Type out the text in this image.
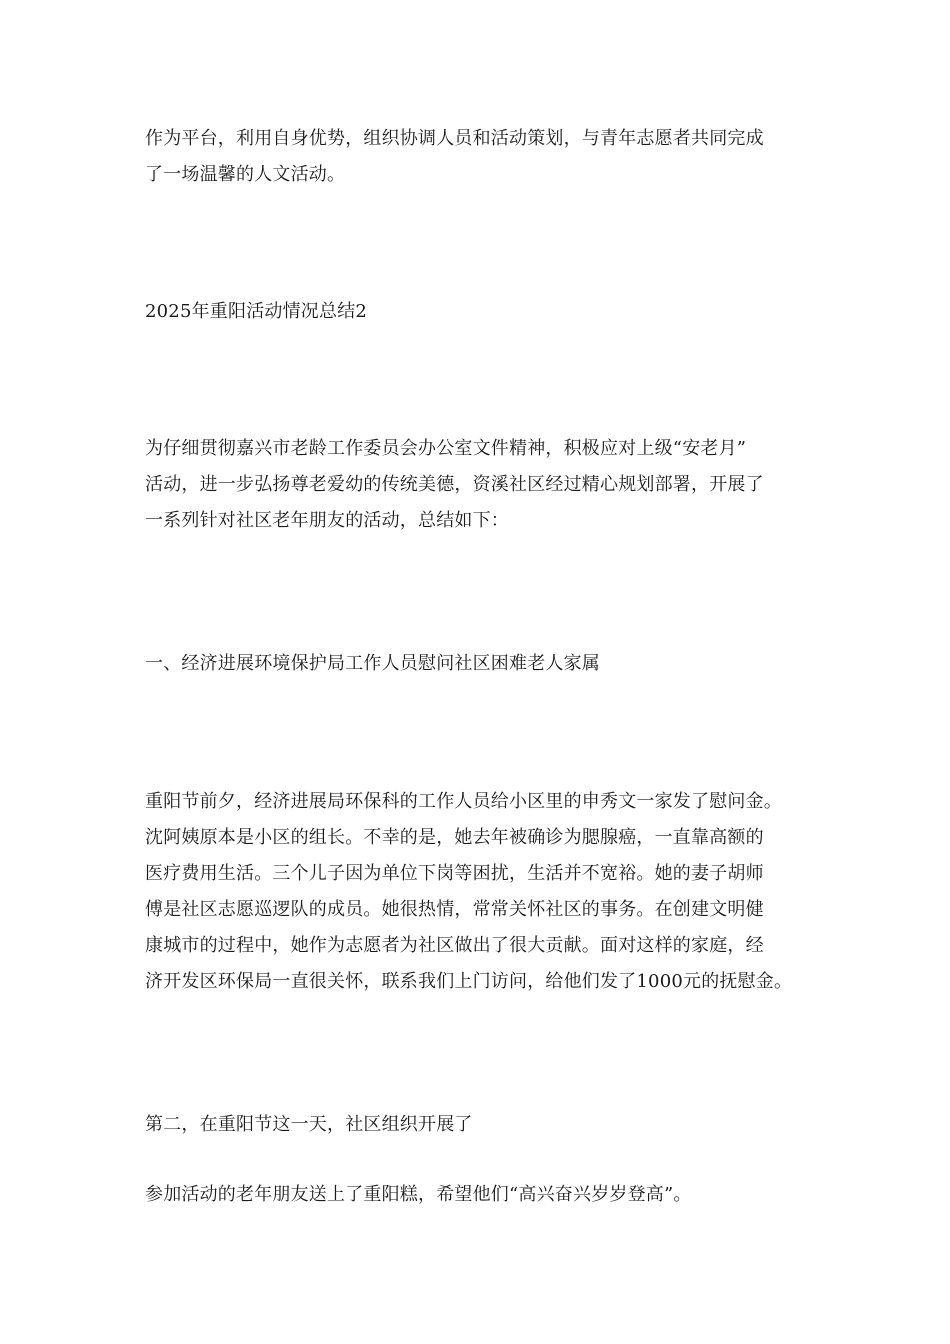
作为平台，利用自身优势，组织协调人员和活动策划，与青年志愿者共同完成
了一场温馨的人文活动。
2025年重阳活动情况总结2
为仔细贯彻嘉兴市老龄工作委员会办公室文件精神，积极应对上级“安老月”
活动，进一步弘扬尊老爱幼的传统美德，资溪社区经过精心规划部署，开展了
一系列针对社区老年朋友的活动，总结如下：
一、经济进展环境保护局工作人员慰问社区困难老人家属
重阳节前夕，经济进展局环保科的工作人员给小区里的申秀文一家发了慰问金。
沈阿姨原本是小区的组长。不幸的是，她去年被确诊为腮腺癌，一直靠高额的
医疗费用生活。三个儿子因为单位下岗等困扰，生活并不宽裕。她的妻子胡师
傅是社区志愿巡逻队的成员。她很热情，常常关怀社区的事务。在创建文明健
康城市的过程中，她作为志愿者为社区做出了很大贡献。面对这样的家庭，经
济开发区环保局一直很关怀，联系我们上门访问，给他们发了1000元的抚慰金。
第二，在重阳节这一天，社区组织开展了
参加活动的老年朋友送上了重阳糕，希望他们“高兴奋兴岁岁登高”。
